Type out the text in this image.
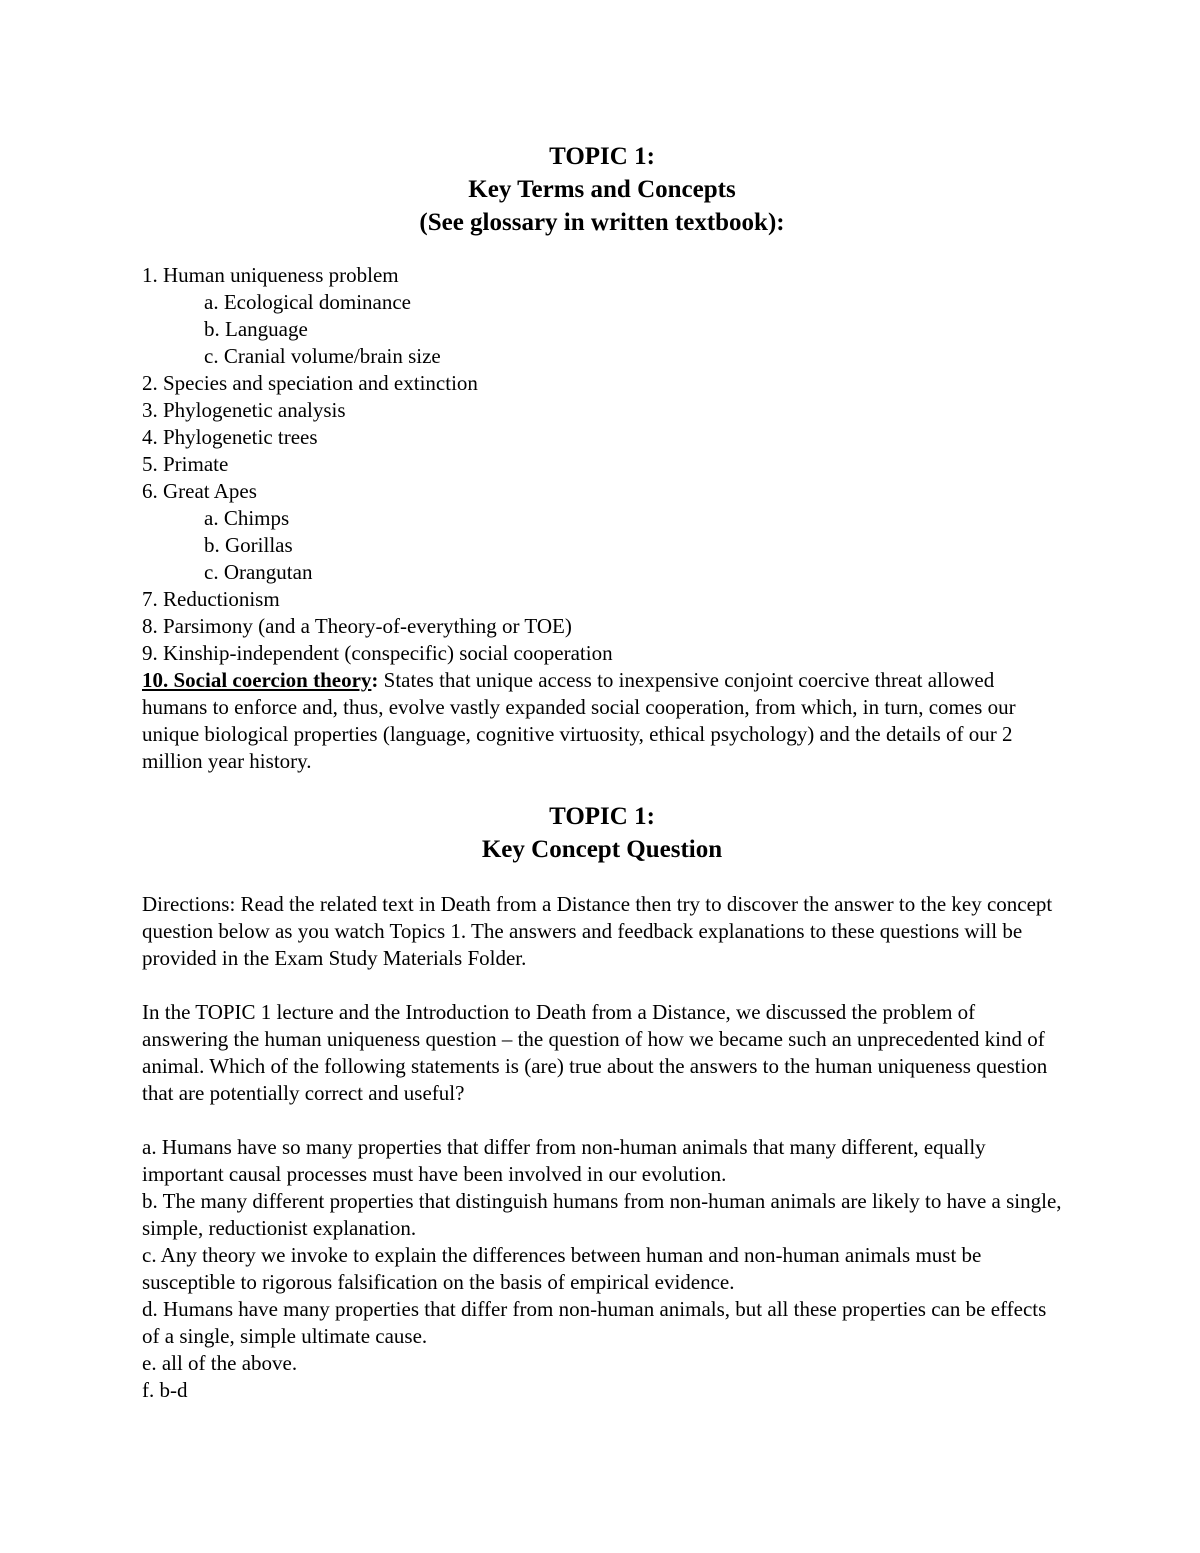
TOPIC 1:

Key Terms and Concepts

(See glossary in written textbook):

1. Human uniqueness problem

a. Ecological dominance

b. Language

c. Cranial volume/brain size

2. Species and speciation and extinction

3. Phylogenetic analysis

4. Phylogenetic trees

5. Primate

6. Great Apes

a. Chimps

b. Gorillas

c. Orangutan

7. Reductionism

8. Parsimony (and a Theory-of-everything or TOE)

9. Kinship-independent (conspecific) social cooperation

10. Social coercion theory: States that unique access to inexpensive conjoint coercive threat allowed humans to enforce and, thus, evolve vastly expanded social cooperation, from which, in turn, comes our unique biological properties (language, cognitive virtuosity, ethical psychology) and the details of our 2 million year history.

TOPIC 1:

Key Concept Question

Directions: Read the related text in Death from a Distance then try to discover the answer to the key concept question below as you watch Topics 1. The answers and feedback explanations to these questions will be provided in the Exam Study Materials Folder.

In the TOPIC 1 lecture and the Introduction to Death from a Distance, we discussed the problem of answering the human uniqueness question – the question of how we became such an unprecedented kind of animal. Which of the following statements is (are) true about the answers to the human uniqueness question that are potentially correct and useful?

a. Humans have so many properties that differ from non-human animals that many different, equally important causal processes must have been involved in our evolution.

b. The many different properties that distinguish humans from non-human animals are likely to have a single, simple, reductionist explanation.

c. Any theory we invoke to explain the differences between human and non-human animals must be susceptible to rigorous falsification on the basis of empirical evidence.

d. Humans have many properties that differ from non-human animals, but all these properties can be effects of a single, simple ultimate cause.

e. all of the above.

f. b-d
